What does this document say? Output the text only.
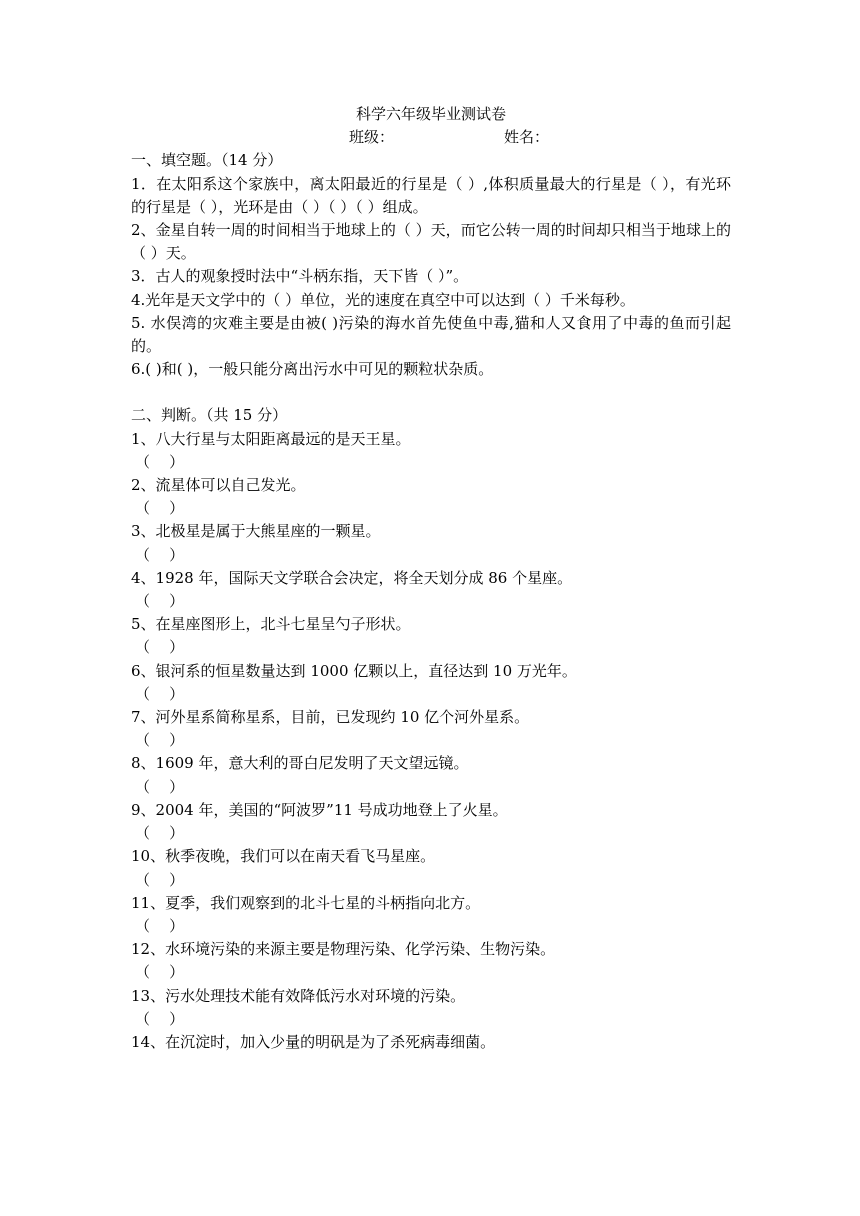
科学六年级毕业测试卷
班级：	姓名：
一、填空题。（14 分）
1．在太阳系这个家族中，离太阳最近的行星是（ ）,体积质量最大的行星是（ ），有光环的行星是（ ），光环是由（ ）（ ）（ ）组成。
2、金星自转一周的时间相当于地球上的（ ）天，而它公转一周的时间却只相当于地球上的（ ）天。
3．古人的观象授时法中“斗柄东指，天下皆（ ）”。
4.光年是天文学中的（ ）单位，光的速度在真空中可以达到（ ）千米每秒。
5. 水俣湾的灾难主要是由被( )污染的海水首先使鱼中毒,猫和人又食用了中毒的鱼而引起的。
6.( )和( )，一般只能分离出污水中可见的颗粒状杂质。
二、判断。（共 15 分）
1、八大行星与太阳距离最远的是天王星。
（    ）
2、流星体可以自己发光。
（    ）
3、北极星是属于大熊星座的一颗星。
（    ）
4、1928 年，国际天文学联合会决定，将全天划分成 86 个星座。
（    ）
5、在星座图形上，北斗七星呈勺子形状。
（    ）
6、银河系的恒星数量达到 1000 亿颗以上，直径达到 10 万光年。
（    ）
7、河外星系简称星系，目前，已发现约 10 亿个河外星系。
（    ）
8、1609 年，意大利的哥白尼发明了天文望远镜。
（    ）
9、2004 年，美国的“阿波罗”11 号成功地登上了火星。
（    ）
10、秋季夜晚，我们可以在南天看飞马星座。
（    ）
11、夏季，我们观察到的北斗七星的斗柄指向北方。
（    ）
12、水环境污染的来源主要是物理污染、化学污染、生物污染。
（    ）
13、污水处理技术能有效降低污水对环境的污染。
（    ）
14、在沉淀时，加入少量的明矾是为了杀死病毒细菌。
